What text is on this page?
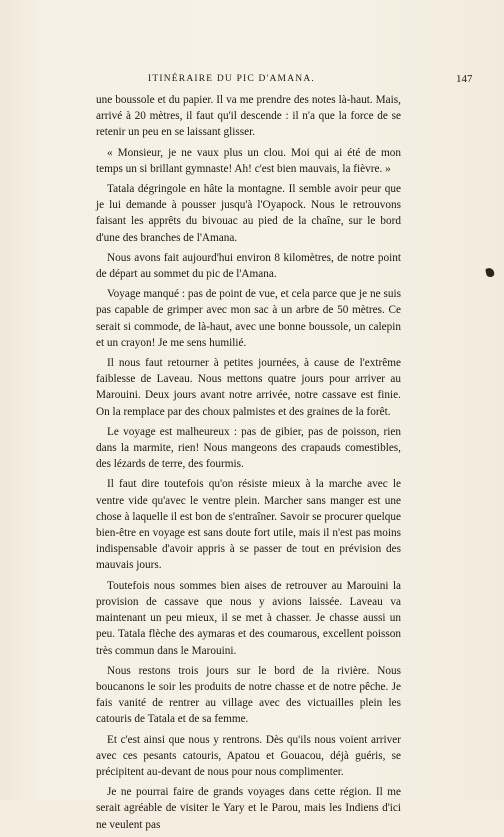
ITINÉRAIRE DU PIC D'AMANA.	147

une boussole et du papier. Il va me prendre des notes là-haut. Mais, arrivé à 20 mètres, il faut qu'il descende : il n'a que la force de se retenir un peu en se laissant glisser.

« Monsieur, je ne vaux plus un clou. Moi qui ai été de mon temps un si brillant gymnaste! Ah! c'est bien mauvais, la fièvre. »

Tatala dégringole en hâte la montagne. Il semble avoir peur que je lui demande à pousser jusqu'à l'Oyapock. Nous le retrouvons faisant les apprêts du bivouac au pied de la chaîne, sur le bord d'une des branches de l'Amana.

Nous avons fait aujourd'hui environ 8 kilomètres, de notre point de départ au sommet du pic de l'Amana.

Voyage manqué : pas de point de vue, et cela parce que je ne suis pas capable de grimper avec mon sac à un arbre de 50 mètres. Ce serait si commode, de là-haut, avec une bonne boussole, un calepin et un crayon! Je me sens humilié.

Il nous faut retourner à petites journées, à cause de l'extrême faiblesse de Laveau. Nous mettons quatre jours pour arriver au Marouini. Deux jours avant notre arrivée, notre cassave est finie. On la remplace par des choux palmistes et des graines de la forêt.

Le voyage est malheureux : pas de gibier, pas de poisson, rien dans la marmite, rien! Nous mangeons des crapauds comestibles, des lézards de terre, des fourmis.

Il faut dire toutefois qu'on résiste mieux à la marche avec le ventre vide qu'avec le ventre plein. Marcher sans manger est une chose à laquelle il est bon de s'entraîner. Savoir se procurer quelque bien-être en voyage est sans doute fort utile, mais il n'est pas moins indispensable d'avoir appris à se passer de tout en prévision des mauvais jours.

Toutefois nous sommes bien aises de retrouver au Marouini la provision de cassave que nous y avions laissée. Laveau va maintenant un peu mieux, il se met à chasser. Je chasse aussi un peu. Tatala flèche des aymaras et des coumarous, excellent poisson très commun dans le Marouini.

Nous restons trois jours sur le bord de la rivière. Nous boucanons le soir les produits de notre chasse et de notre pêche. Je fais vanité de rentrer au village avec des victuailles plein les catouris de Tatala et de sa femme.

Et c'est ainsi que nous y rentrons. Dès qu'ils nous voient arriver avec ces pesants catouris, Apatou et Gouacou, déjà guéris, se précipitent au-devant de nous pour nous complimenter.

Je ne pourrai faire de grands voyages dans cette région. Il me serait agréable de visiter le Yary et le Parou, mais les Indiens d'ici ne veulent pas
